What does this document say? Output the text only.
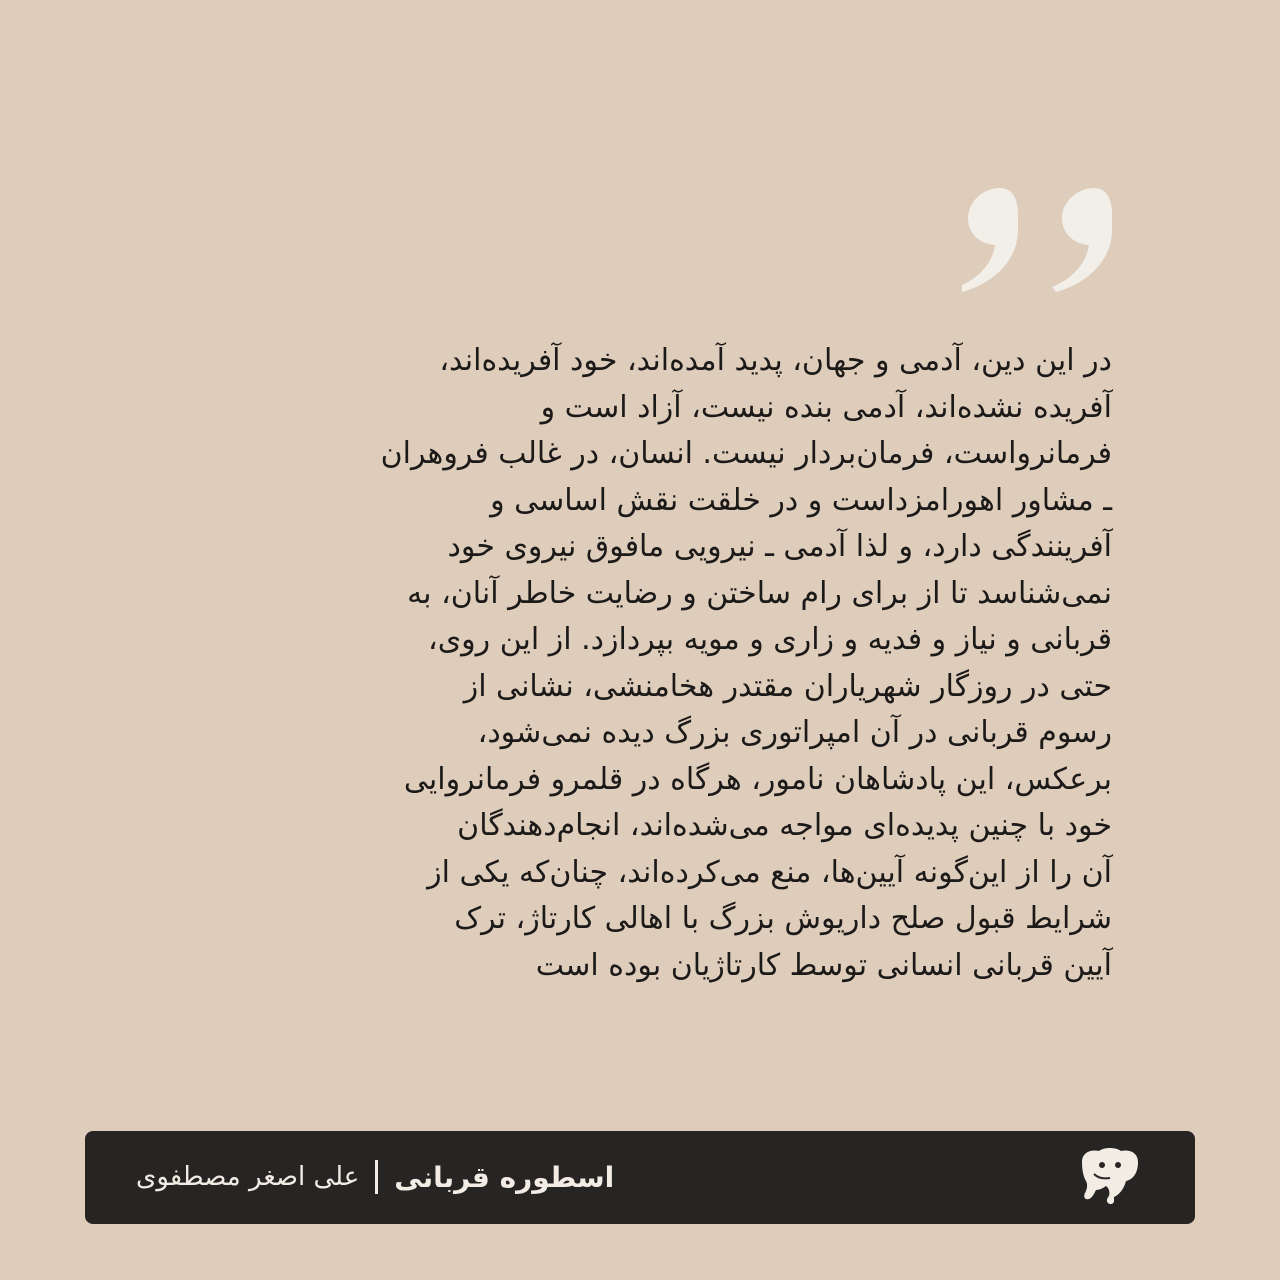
در این دین، آدمی و جهان، پدید آمده‌اند، خود آفریده‌اند،
آفریده نشده‌اند، آدمی بنده نیست، آزاد است و
فرمانرواست، فرمان‌بردار نیست. انسان، در غالب فروهران
ـ مشاور اهورامزداست و در خلقت نقش اساسی و
آفرینندگی دارد، و لذا آدمی ـ نیرویی مافوق نیروی خود
نمی‌شناسد تا از برای رام ساختن و رضایت خاطر آنان، به
قربانی و نیاز و فدیه و زاری و مویه بپردازد. از این روی،
حتی در روزگار شهریاران مقتدر هخامنشی، نشانی از
رسوم قربانی در آن امپراتوری بزرگ دیده نمی‌شود،
برعکس، این پادشاهان نامور، هرگاه در قلمرو فرمانروایی
خود با چنین پدیده‌ای مواجه می‌شده‌اند، انجام‌دهندگان
آن را از این‌گونه آیین‌ها، منع می‌کرده‌اند، چنان‌که یکی از
شرایط قبول صلح داریوش بزرگ با اهالی کارتاژ، ترک
آیین قربانی انسانی توسط کارتاژیان بوده است
اسطوره قربانی
علی اصغر مصطفوی
